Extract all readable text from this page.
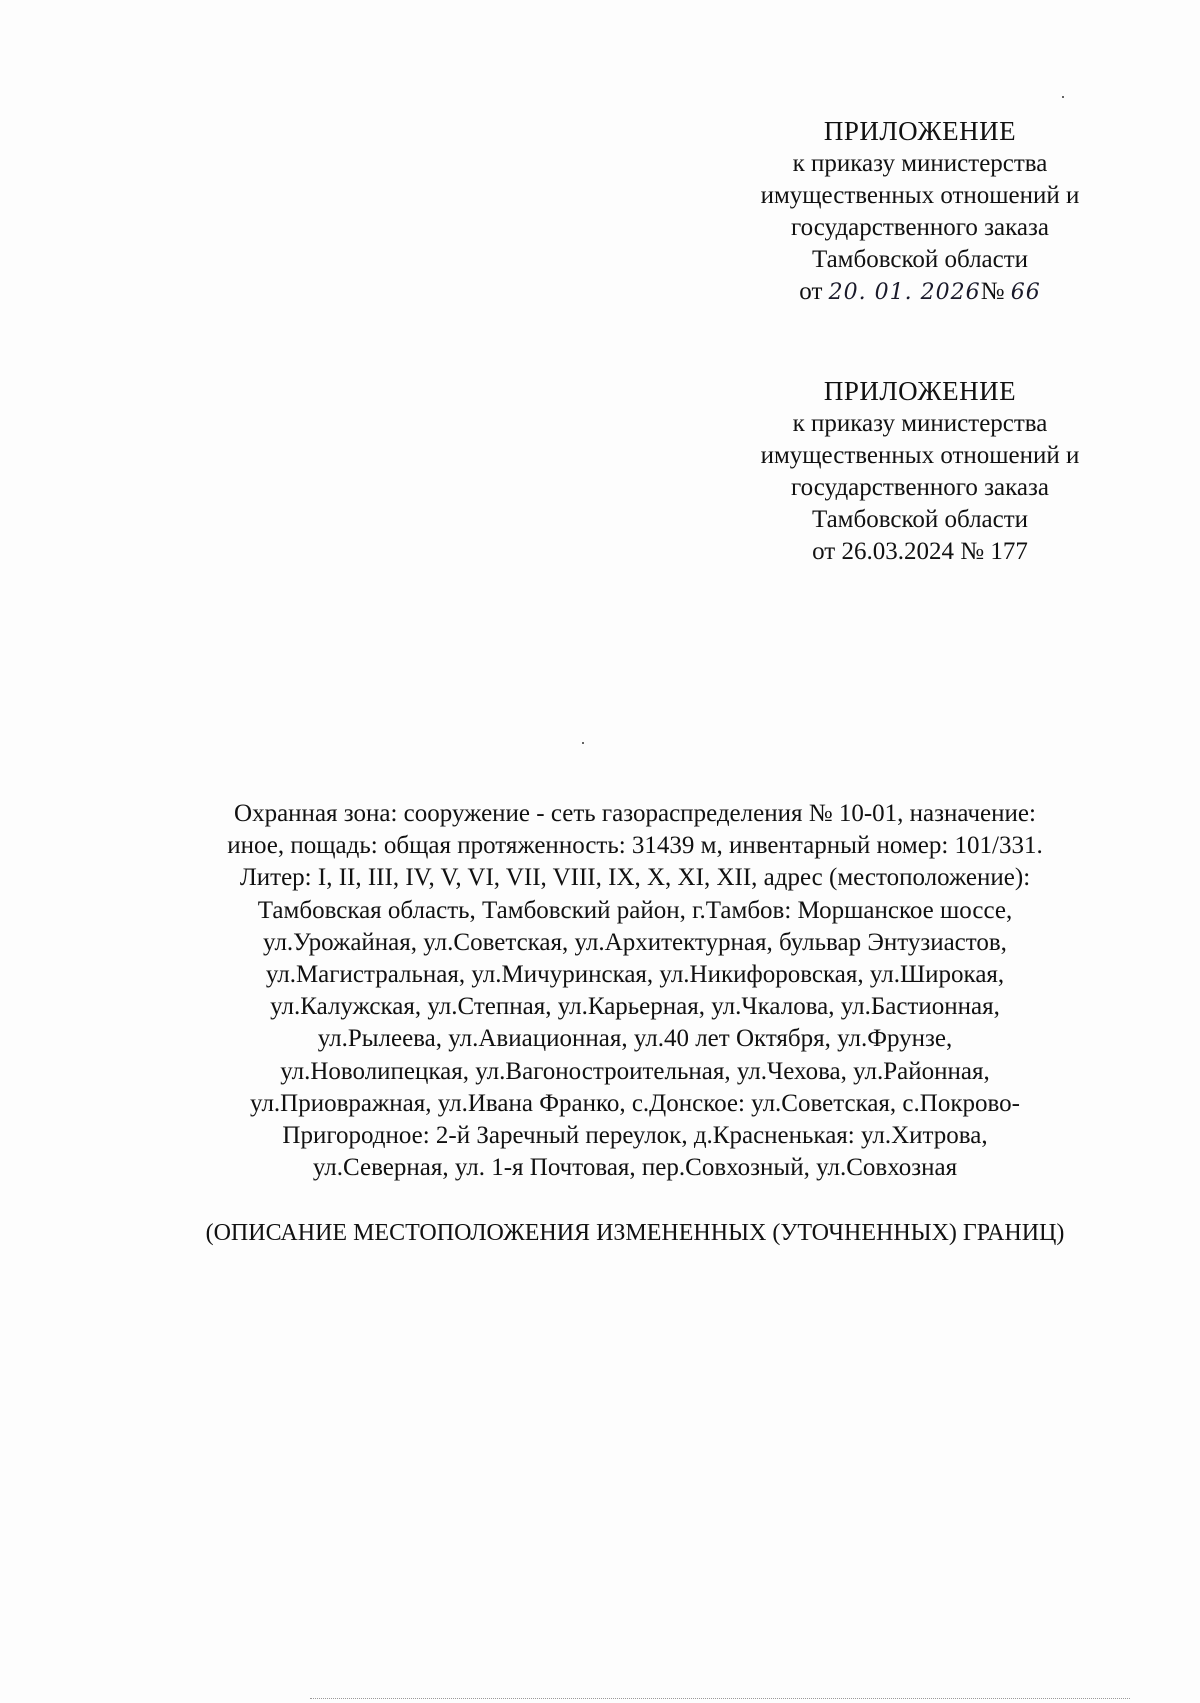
ПРИЛОЖЕНИЕ
к приказу министерства
имущественных отношений и
государственного заказа
Тамбовской области
от 20. 01. 2026№ 66
ПРИЛОЖЕНИЕ
к приказу министерства
имущественных отношений и
государственного заказа
Тамбовской области
от 26.03.2024 № 177
Охранная зона: сооружение - сеть газораспределения № 10-01, назначение:
иное, пощадь: общая протяженность: 31439 м, инвентарный номер: 101/331.
Литер: I, II, III, IV, V, VI, VII, VIII, IX, X, XI, XII, адрес (местоположение):
Тамбовская область, Тамбовский район, г.Тамбов: Моршанское шоссе,
ул.Урожайная, ул.Советская, ул.Архитектурная, бульвар Энтузиастов,
ул.Магистральная, ул.Мичуринская, ул.Никифоровская, ул.Широкая,
ул.Калужская, ул.Степная, ул.Карьерная, ул.Чкалова, ул.Бастионная,
ул.Рылеева, ул.Авиационная, ул.40 лет Октября, ул.Фрунзе,
ул.Новолипецкая, ул.Вагоностроительная, ул.Чехова, ул.Районная,
ул.Приовражная, ул.Ивана Франко, с.Донское: ул.Советская, с.Покрово-
Пригородное: 2-й Заречный переулок, д.Красненькая: ул.Хитрова,
ул.Северная, ул. 1-я Почтовая, пер.Совхозный, ул.Совхозная
(ОПИСАНИЕ МЕСТОПОЛОЖЕНИЯ ИЗМЕНЕННЫХ (УТОЧНЕННЫХ) ГРАНИЦ)
